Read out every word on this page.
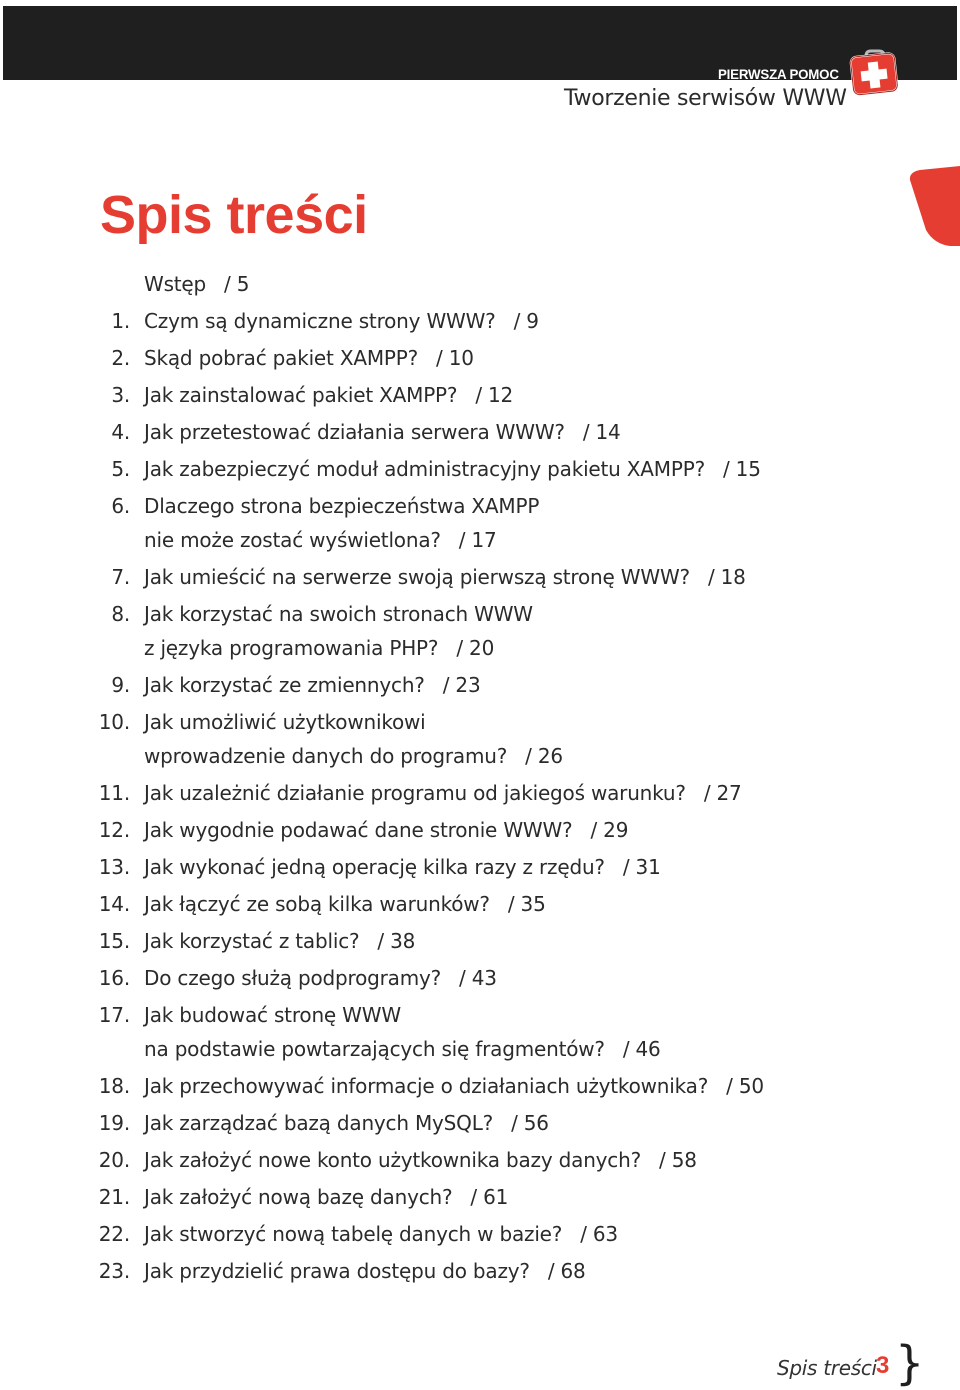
PIERWSZA POMOC
Tworzenie serwisów WWW
Spis treści
Wstęp / 5
1. Czym są dynamiczne strony WWW? / 9
2. Skąd pobrać pakiet XAMPP? / 10
3. Jak zainstalować pakiet XAMPP? / 12
4. Jak przetestować działania serwera WWW? / 14
5. Jak zabezpieczyć moduł administracyjny pakietu XAMPP? / 15
6. Dlaczego strona bezpieczeństwa XAMPP
nie może zostać wyświetlona? / 17
7. Jak umieścić na serwerze swoją pierwszą stronę WWW? / 18
8. Jak korzystać na swoich stronach WWW
z języka programowania PHP? / 20
9. Jak korzystać ze zmiennych? / 23
10. Jak umożliwić użytkownikowi
wprowadzenie danych do programu? / 26
11. Jak uzależnić działanie programu od jakiegoś warunku? / 27
12. Jak wygodnie podawać dane stronie WWW? / 29
13. Jak wykonać jedną operację kilka razy z rzędu? / 31
14. Jak łączyć ze sobą kilka warunków? / 35
15. Jak korzystać z tablic? / 38
16. Do czego służą podprogramy? / 43
17. Jak budować stronę WWW
na podstawie powtarzających się fragmentów? / 46
18. Jak przechowywać informacje o działaniach użytkownika? / 50
19. Jak zarządzać bazą danych MySQL? / 56
20. Jak założyć nowe konto użytkownika bazy danych? / 58
21. Jak założyć nową bazę danych? / 61
22. Jak stworzyć nową tabelę danych w bazie? / 63
23. Jak przydzielić prawa dostępu do bazy? / 68
Spis treści 3 }
